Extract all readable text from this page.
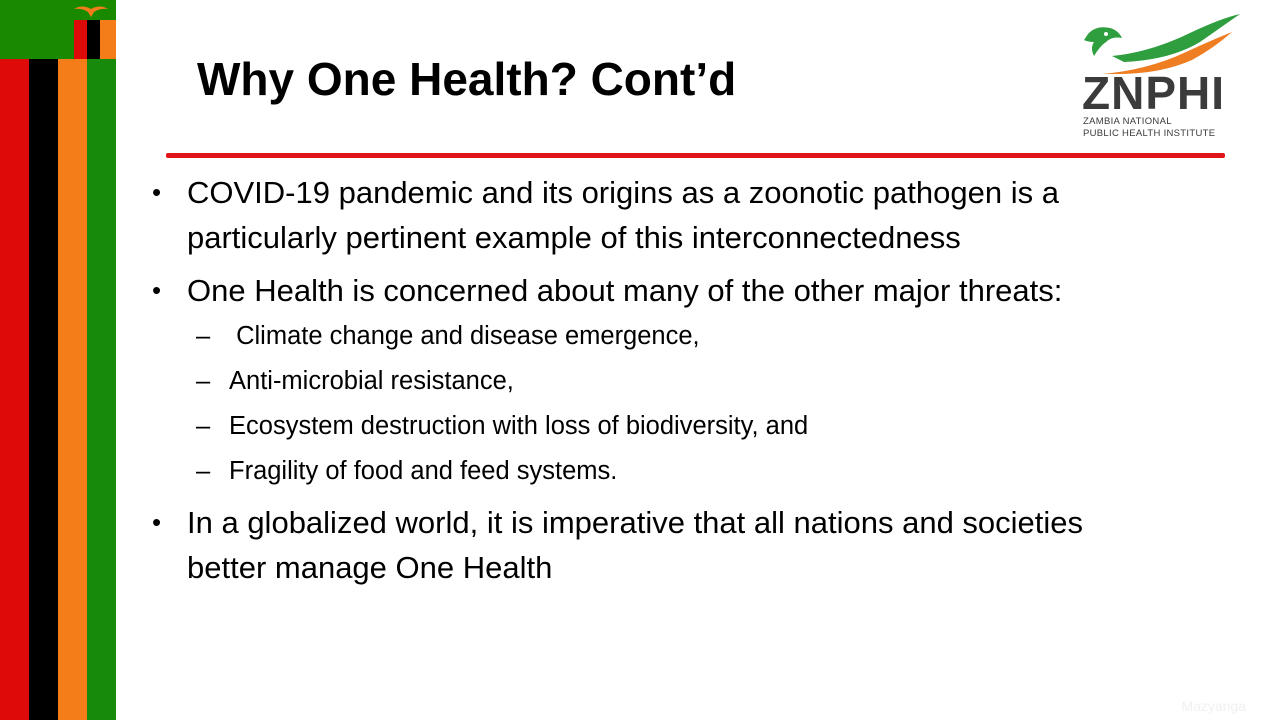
Why One Health? Cont’d	ZNPHI
ZAMBIA NATIONAL
PUBLIC HEALTH INSTITUTE
• COVID-19 pandemic and its origins as a zoonotic pathogen is a
particularly pertinent example of this interconnectedness
• One Health is concerned about many of the other major threats:
– Climate change and disease emergence,
– Anti-microbial resistance,
– Ecosystem destruction with loss of biodiversity, and
– Fragility of food and feed systems.
• In a globalized world, it is imperative that all nations and societies
better manage One Health
Mazyanga
